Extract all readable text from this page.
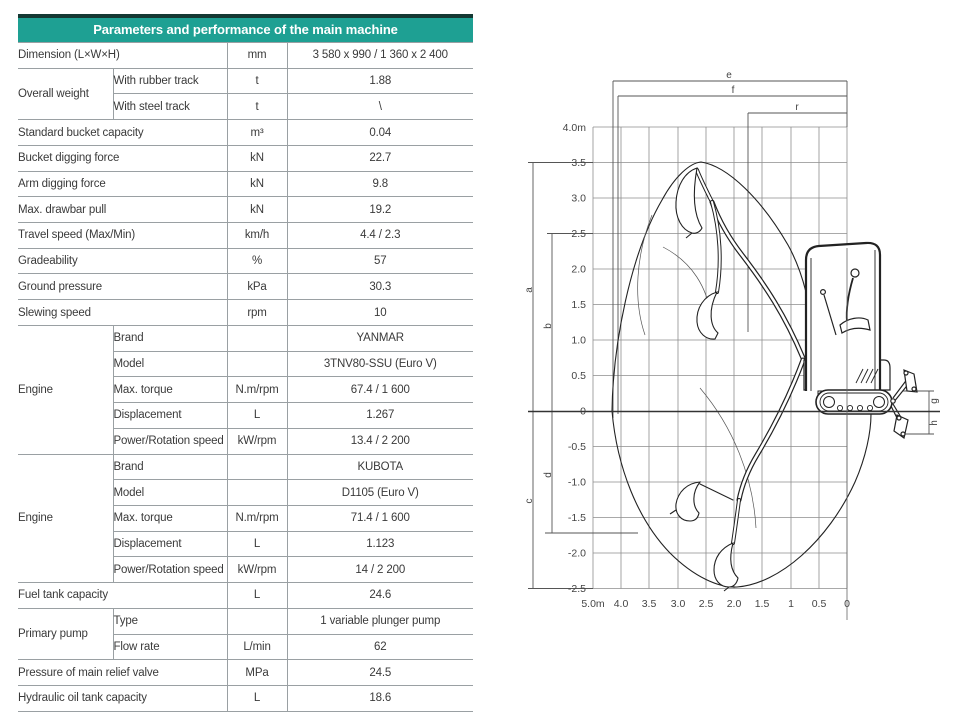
Parameters and performance of the main machine
Dimension (L×W×H)		mm	3 580 x 990 / 1 360 x 2 400
Overall weight	With rubber track	t	1.88
	With steel track	t	\
Standard bucket capacity		m³	0.04
Bucket digging force		kN	22.7
Arm digging force		kN	9.8
Max. drawbar pull		kN	19.2
Travel speed (Max/Min)		km/h	4.4 / 2.3
Gradeability		%	57
Ground pressure		kPa	30.3
Slewing speed		rpm	10
Engine	Brand		YANMAR
	Model		3TNV80-SSU (Euro V)
	Max. torque	N.m/rpm	67.4 / 1 600
	Displacement	L	1.267
	Power/Rotation speed	kW/rpm	13.4 / 2 200
Engine	Brand		KUBOTA
	Model		D1105 (Euro V)
	Max. torque	N.m/rpm	71.4 / 1 600
	Displacement	L	1.123
	Power/Rotation speed	kW/rpm	14 / 2 200
Fuel tank capacity		L	24.6
Primary pump	Type		1 variable plunger pump
	Flow rate	L/min	62
Pressure of main relief valve		MPa	24.5
Hydraulic oil tank capacity		L	18.6
4.0m
3.5
3.0
2.5
2.0
1.5
1.0
0.5
0
-0.5
-1.0
-1.5
-2.0
-2.5
5.0m 4.0 3.5 3.0 2.5 2.0 1.5 1 0.5 0
e
f
r
a
b
c
d
g
h
